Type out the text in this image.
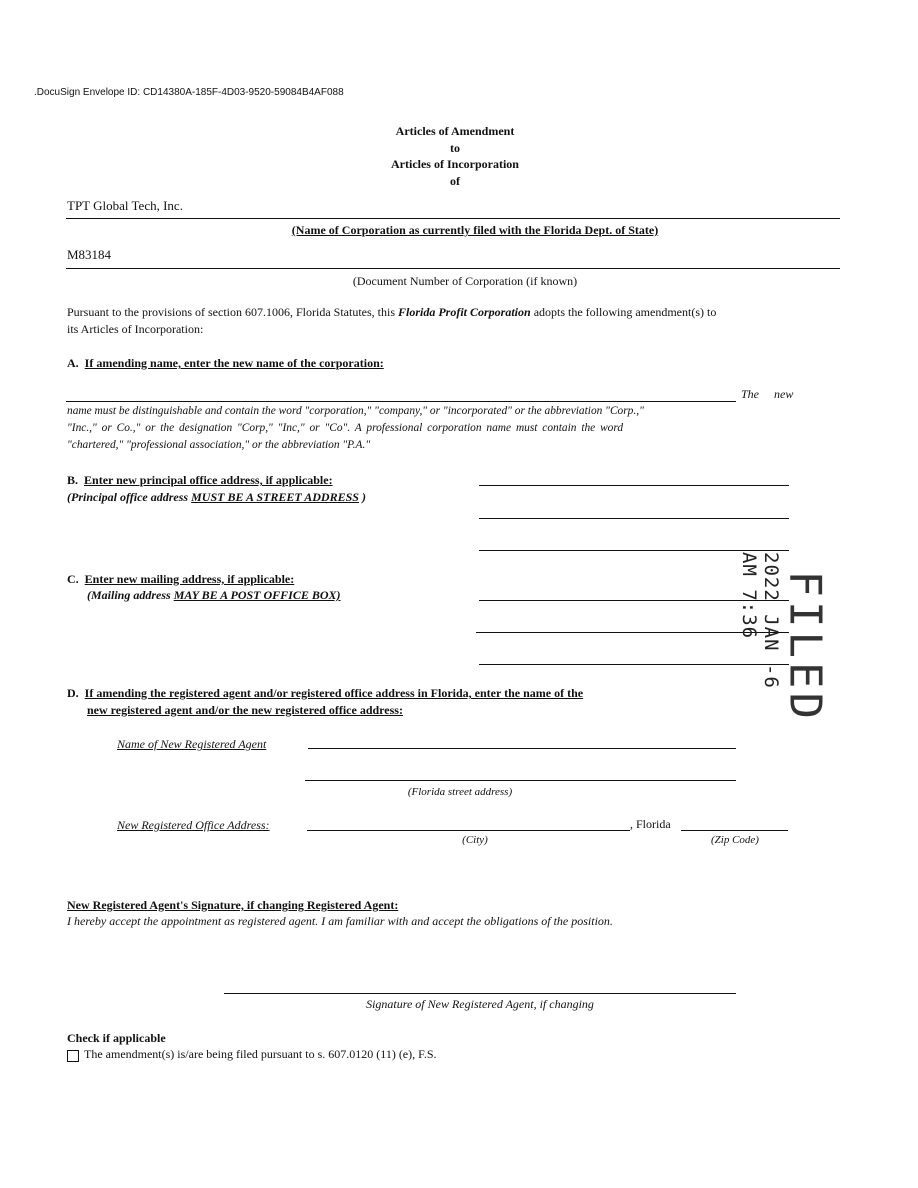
.DocuSign Envelope ID: CD14380A-185F-4D03-9520-59084B4AF088
Articles of Amendment
to
Articles of Incorporation
of
TPT Global Tech, Inc.
(Name of Corporation as currently filed with the Florida Dept. of State)
M83184
(Document Number of Corporation (if known)
Pursuant to the provisions of section 607.1006, Florida Statutes, this Florida Profit Corporation adopts the following amendment(s) to
its Articles of Incorporation:
A. If amending name, enter the new name of the corporation:
The new
name must be distinguishable and contain the word "corporation," "company," or "incorporated" or the abbreviation "Corp.,"
"Inc.," or Co.," or the designation "Corp," "Inc," or "Co". A professional corporation name must contain the word
"chartered," "professional association," or the abbreviation "P.A."
B. Enter new principal office address, if applicable:
(Principal office address MUST BE A STREET ADDRESS )
C. Enter new mailing address, if applicable:
(Mailing address MAY BE A POST OFFICE BOX)	2022 JAN -6 AM 7:36 FILED
D. If amending the registered agent and/or registered office address in Florida, enter the name of the
new registered agent and/or the new registered office address:
Name of New Registered Agent
(Florida street address)
New Registered Office Address:	, Florida
(City)	(Zip Code)
New Registered Agent's Signature, if changing Registered Agent:
I hereby accept the appointment as registered agent. I am familiar with and accept the obligations of the position.
Signature of New Registered Agent, if changing
Check if applicable
The amendment(s) is/are being filed pursuant to s. 607.0120 (11) (e), F.S.
